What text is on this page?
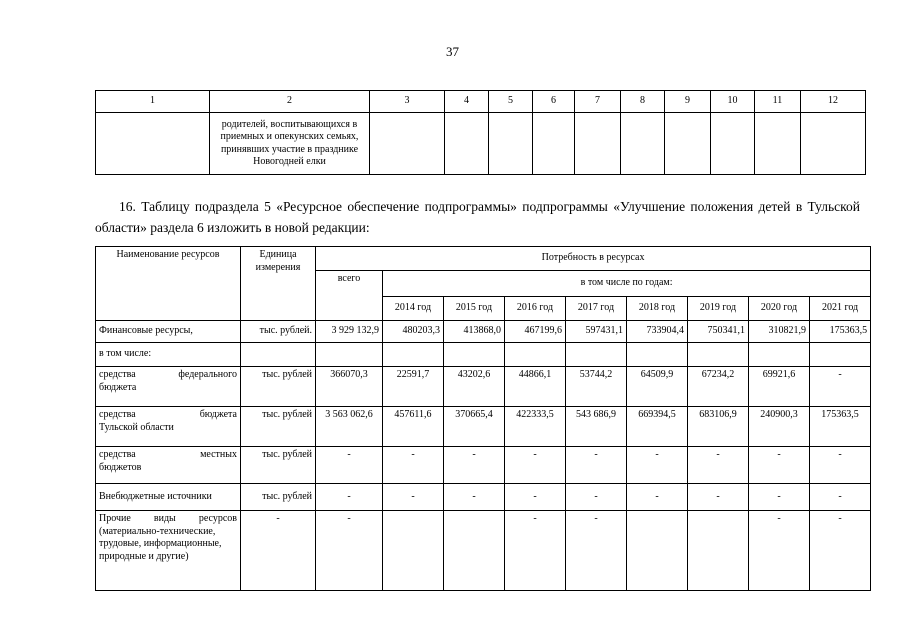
37
1	2	3	4	5	6	7	8	9	10	11	12
	родителей, воспитывающихся в приемных и опекунских семьях, принявших участие в празднике Новогодней елки										
16. Таблицу подраздела 5 «Ресурсное обеспечение подпрограммы» подпрограммы «Улучшение положения детей в Тульской области» раздела 6 изложить в новой редакции:
Наименование ресурсов	Единица измерения	Потребность в ресурсах								
		всего	в том числе по годам:							
			2014 год	2015 год	2016 год	2017 год	2018 год	2019 год	2020 год	2021 год
Финансовые ресурсы,	тыс. рублей.	3 929 132,9	480203,3	413868,0	467199,6	597431,1	733904,4	750341,1	310821,9	175363,5
в том числе:										

средства федерального
бюджета	тыс. рублей	366070,3	22591,7	43202,6	44866,1	53744,2	64509,9	67234,2	69921,6	-

средства бюджета
Тульской области	тыс. рублей	3 563 062,6	457611,6	370665,4	422333,5	543 686,9	669394,5	683106,9	240900,3	175363,5

средства местных
бюджетов	тыс. рублей	-	-	-	-	-	-	-	-	-
Внебюджетные источники	тыс. рублей	-	-	-	-	-	-	-	-	-

Прочие виды ресурсов
(материально-технические, трудовые, информационные, природные и другие)	-	-			-	-			-	-
